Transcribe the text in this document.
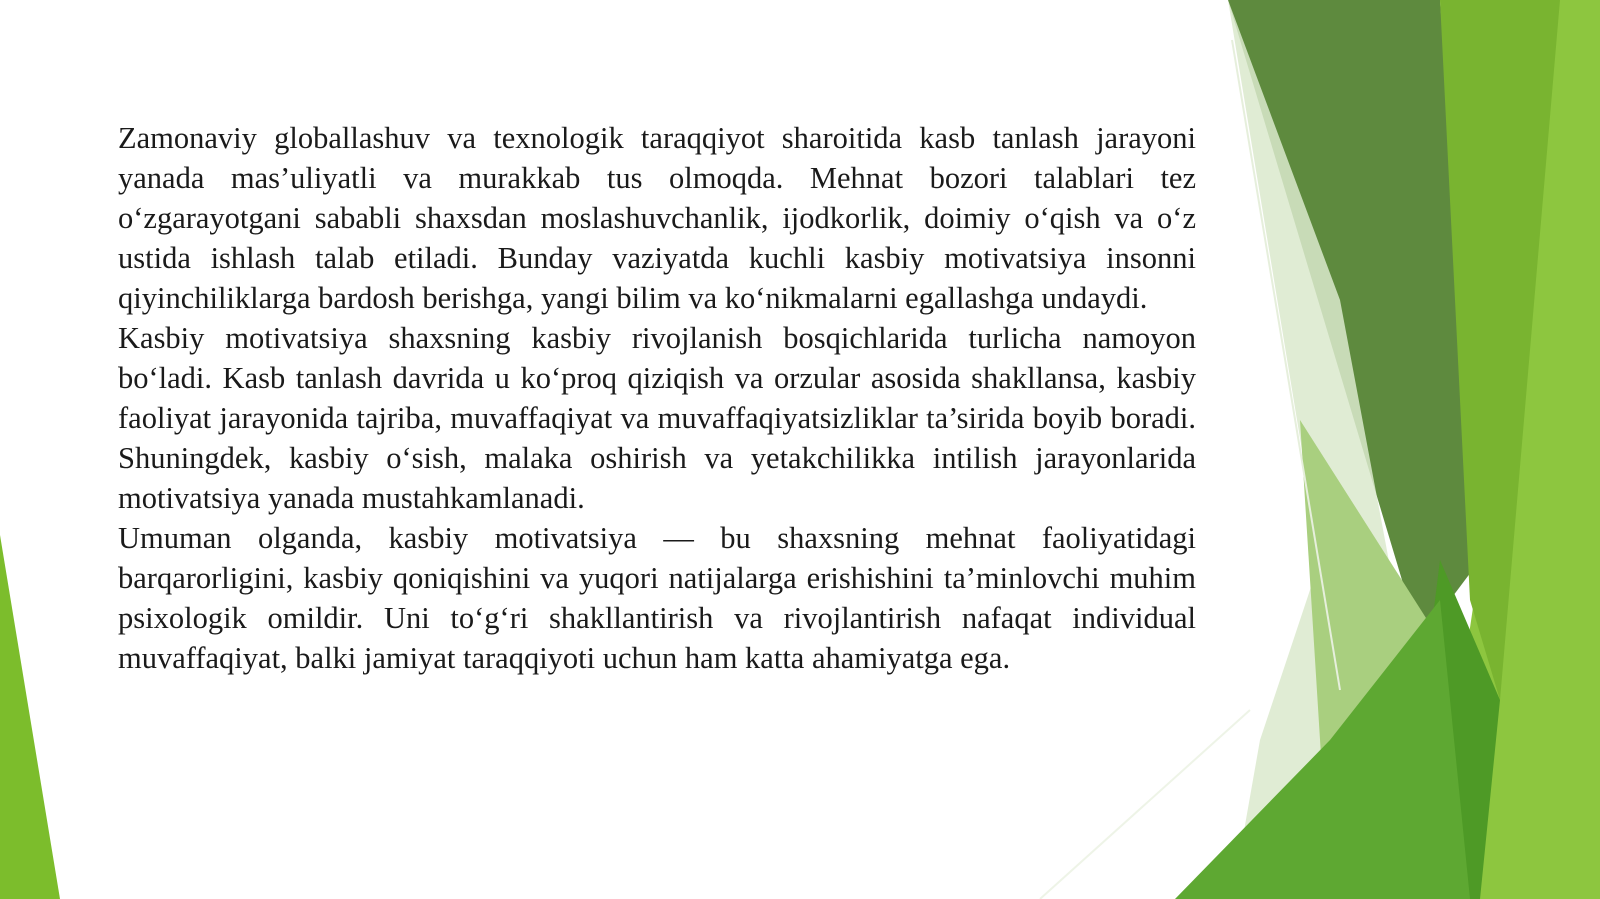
Zamonaviy globallashuv va texnologik taraqqiyot sharoitida kasb tanlash jarayoni yanada mas’uliyatli va murakkab tus olmoqda. Mehnat bozori talablari tez o‘zgarayotgani sababli shaxsdan moslashuvchanlik, ijodkorlik, doimiy o‘qish va o‘z ustida ishlash talab etiladi. Bunday vaziyatda kuchli kasbiy motivatsiya insonni qiyinchiliklarga bardosh berishga, yangi bilim va ko‘nikmalarni egallashga undaydi.

Kasbiy motivatsiya shaxsning kasbiy rivojlanish bosqichlarida turlicha namoyon bo‘ladi. Kasb tanlash davrida u ko‘proq qiziqish va orzular asosida shakllansa, kasbiy faoliyat jarayonida tajriba, muvaffaqiyat va muvaffaqiyatsizliklar ta’sirida boyib boradi. Shuningdek, kasbiy o‘sish, malaka oshirish va yetakchilikka intilish jarayonlarida motivatsiya yanada mustahkamlanadi.

Umuman olganda, kasbiy motivatsiya — bu shaxsning mehnat faoliyatidagi barqarorligini, kasbiy qoniqishini va yuqori natijalarga erishishini ta’minlovchi muhim psixologik omildir. Uni to‘g‘ri shakllantirish va rivojlantirish nafaqat individual muvaffaqiyat, balki jamiyat taraqqiyoti uchun ham katta ahamiyatga ega.
